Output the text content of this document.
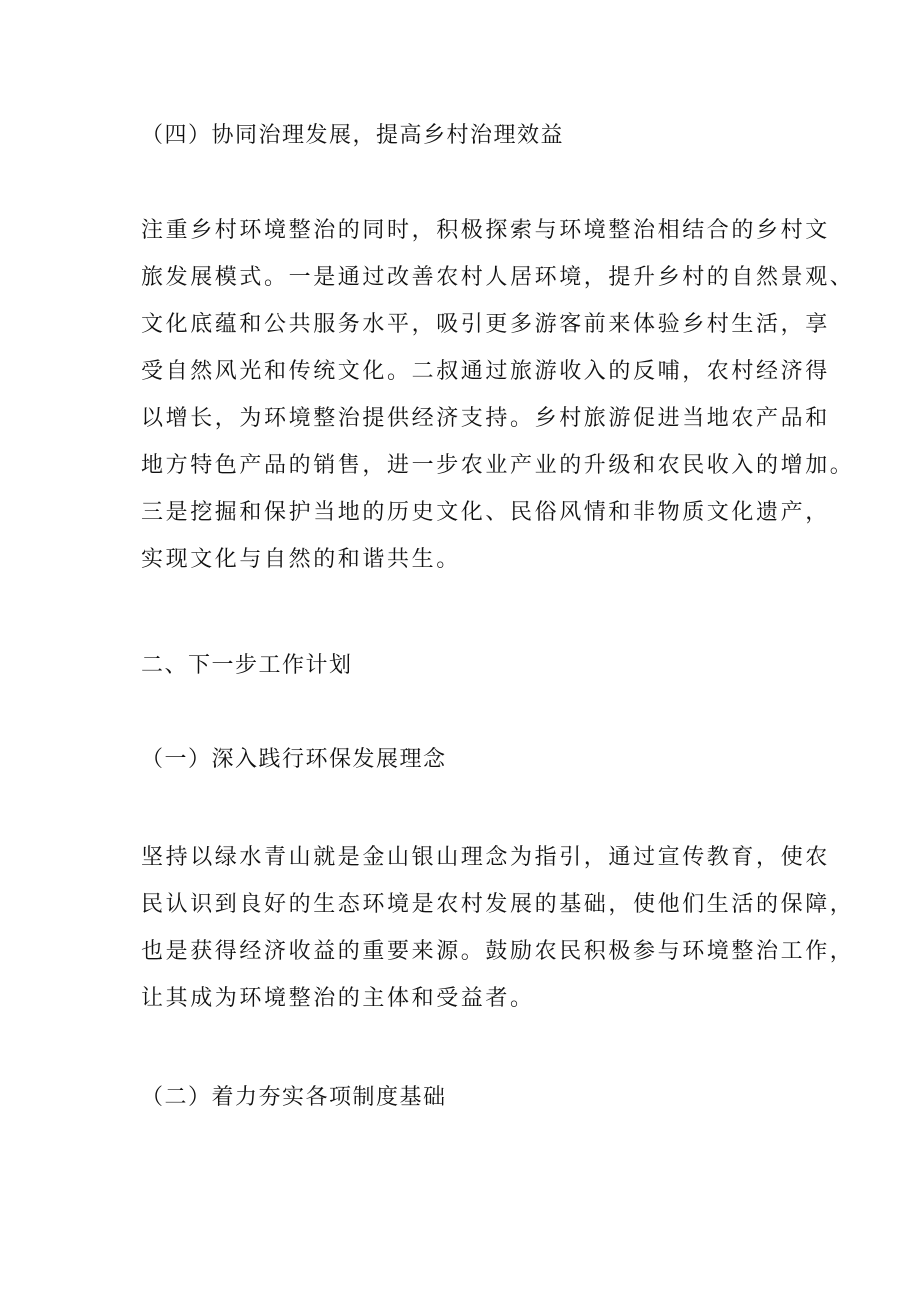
（四）协同治理发展，提高乡村治理效益
注重乡村环境整治的同时，积极探索与环境整治相结合的乡村文
旅发展模式。一是通过改善农村人居环境，提升乡村的自然景观、
文化底蕴和公共服务水平，吸引更多游客前来体验乡村生活，享
受自然风光和传统文化。二叔通过旅游收入的反哺，农村经济得
以增长，为环境整治提供经济支持。乡村旅游促进当地农产品和
地方特色产品的销售，进一步农业产业的升级和农民收入的增加。
三是挖掘和保护当地的历史文化、民俗风情和非物质文化遗产，
实现文化与自然的和谐共生。
二、下一步工作计划
（一）深入践行环保发展理念
坚持以绿水青山就是金山银山理念为指引，通过宣传教育，使农
民认识到良好的生态环境是农村发展的基础，使他们生活的保障，
也是获得经济收益的重要来源。鼓励农民积极参与环境整治工作，
让其成为环境整治的主体和受益者。
（二）着力夯实各项制度基础
